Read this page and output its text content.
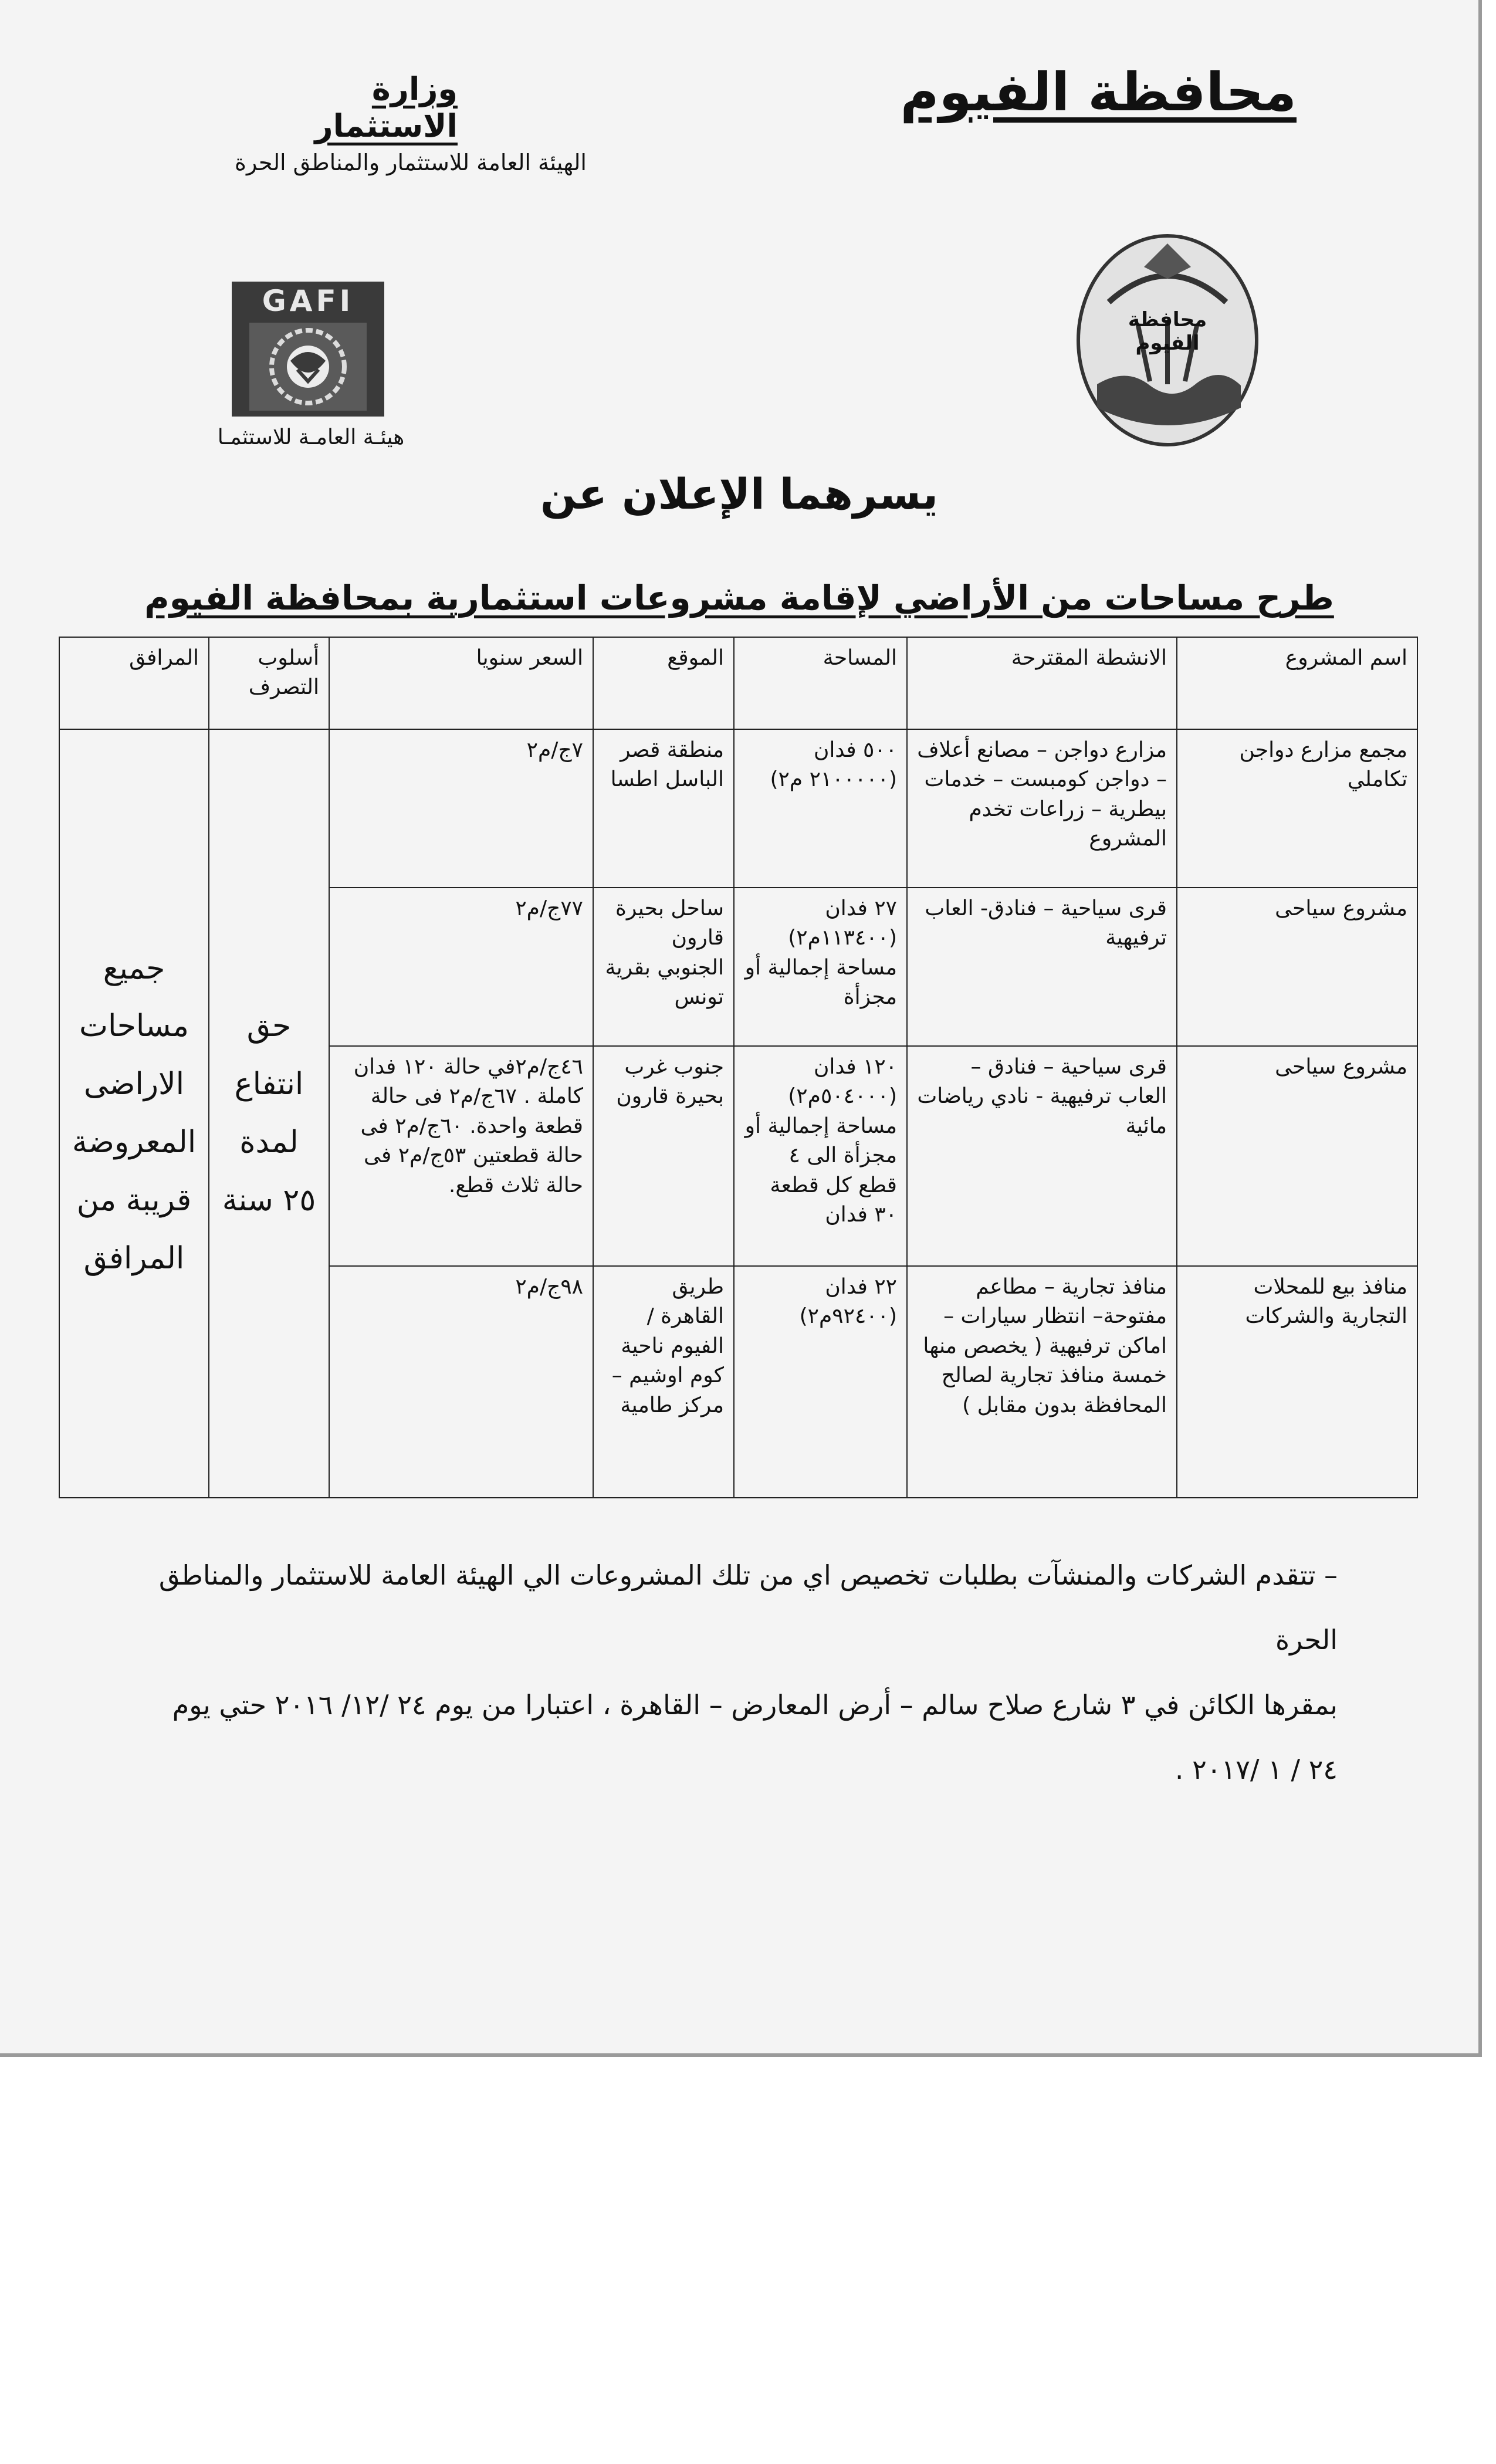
محافظة الفيوم
وزارة الاستثمار
الهيئة العامة للاستثمار والمناطق الحرة
GAFI
هيئـة العامـة للاستثمـا
محافظة الفيوم
يسرهما الإعلان عن
طرح مساحات من الأراضي لإقامة مشروعات استثمارية بمحافظة الفيوم
اسم المشروع	الانشطة المقترحة	المساحة	الموقع	السعر سنويا	أسلوب التصرف	المرافق
مجمع مزارع دواجن تكاملي	مزارع دواجن – مصانع أعلاف – دواجن كومبست – خدمات بيطرية – زراعات تخدم المشروع	٥٠٠ فدان (٢١٠٠٠٠٠ م٢)	منطقة قصر الباسل اطسا	٧ج/م٢	حق انتفاع لمدة ٢٥ سنة	جميع مساحات الاراضى المعروضة قريبة من المرافق
مشروع سياحى	قرى سياحية – فنادق- العاب ترفيهية	٢٧ فدان (١١٣٤٠٠م٢) مساحة إجمالية أو مجزأة	ساحل بحيرة قارون الجنوبي بقرية تونس	٧٧ج/م٢		
مشروع سياحى	قرى سياحية – فنادق – العاب ترفيهية - نادي رياضات مائية	١٢٠ فدان (٥٠٤٠٠٠م٢) مساحة إجمالية أو مجزأة الى ٤ قطع كل قطعة ٣٠ فدان	جنوب غرب بحيرة قارون	٤٦ج/م٢في حالة ١٢٠ فدان كاملة . ٦٧ج/م٢ فى حالة قطعة واحدة. ٦٠ج/م٢ فى حالة قطعتين ٥٣ج/م٢ فى حالة ثلاث قطع.		
منافذ بيع للمحلات التجارية والشركات	منافذ تجارية – مطاعم مفتوحة– انتظار سيارات – اماكن ترفيهية ( يخصص منها خمسة منافذ تجارية لصالح المحافظة بدون مقابل )	٢٢ فدان (٩٢٤٠٠م٢)	طريق القاهرة /الفيوم ناحية كوم اوشيم – مركز طامية	٩٨ج/م٢		
– تتقدم الشركات والمنشآت بطلبات تخصيص اي من تلك المشروعات الي الهيئة العامة للاستثمار والمناطق الحرة
بمقرها الكائن في ٣ شارع صلاح سالم – أرض المعارض – القاهرة ، اعتبارا من يوم ٢٤ /١٢/ ٢٠١٦ حتي يوم
٢٤ / ١ /٢٠١٧ .
